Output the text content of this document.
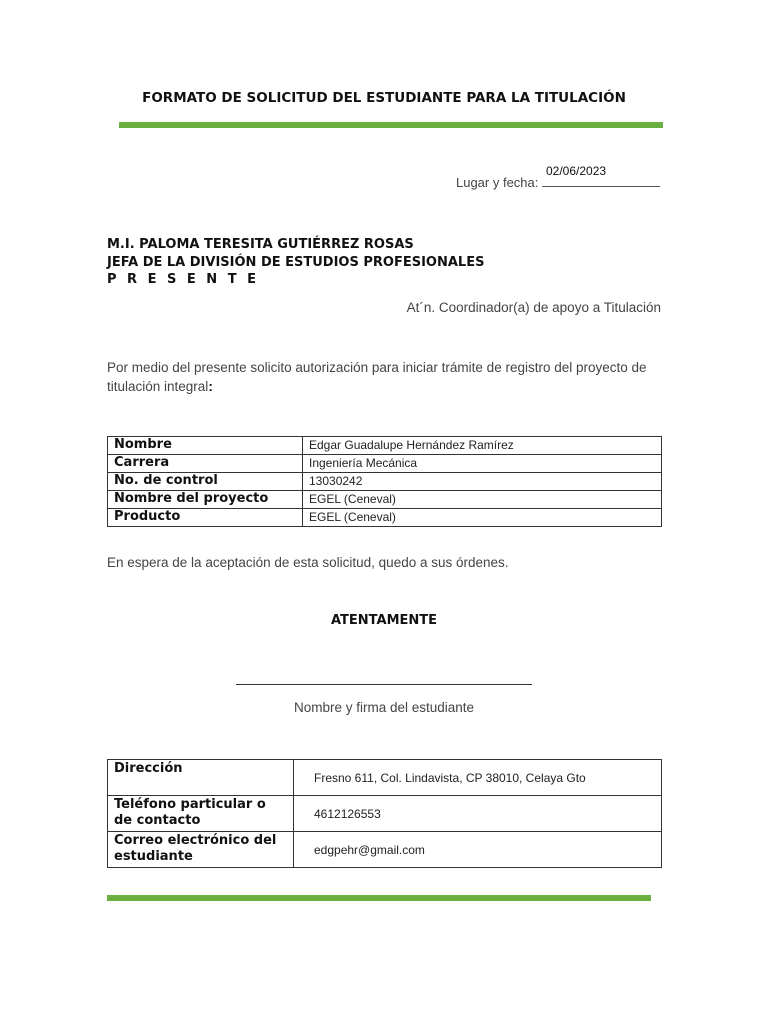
FORMATO DE SOLICITUD DEL ESTUDIANTE PARA LA TITULACIÓN
Lugar y fecha:
02/06/2023
M.I. PALOMA TERESITA GUTIÉRREZ ROSAS
JEFA DE LA DIVISIÓN DE ESTUDIOS PROFESIONALES
P R E S E N T E
At´n. Coordinador(a) de apoyo a Titulación
Por medio del presente solicito autorización para iniciar trámite de registro del proyecto de titulación integral:
Nombre	Edgar Guadalupe Hernández Ramírez
Carrera	Ingeniería Mecánica
No. de control	13030242
Nombre del proyecto	EGEL (Ceneval)
Producto	EGEL (Ceneval)
En espera de la aceptación de esta solicitud, quedo a sus órdenes.
ATENTAMENTE
Nombre y firma del estudiante
Dirección	Fresno 611, Col. Lindavista, CP 38010, Celaya Gto
Teléfono particular o de contacto	4612126553
Correo electrónico del estudiante	edgpehr@gmail.com
